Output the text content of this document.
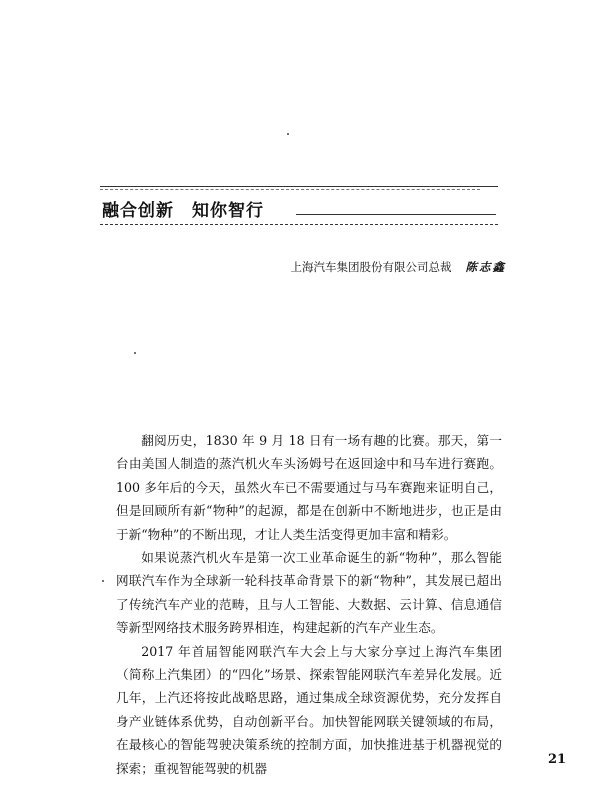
融合创新　知你智行
上海汽车集团股份有限公司总裁 陈志鑫

翻阅历史，1830 年 9 月 18 日有一场有趣的比赛。那天，第一台由美国人制造的蒸汽机火车头汤姆号在返回途中和马车进行赛跑。100 多年后的今天，虽然火车已不需要通过与马车赛跑来证明自己，但是回顾所有新“物种”的起源，都是在创新中不断地进步，也正是由于新“物种”的不断出现，才让人类生活变得更加丰富和精彩。

如果说蒸汽机火车是第一次工业革命诞生的新“物种”，那么智能网联汽车作为全球新一轮科技革命背景下的新“物种”，其发展已超出了传统汽车产业的范畴，且与人工智能、大数据、云计算、信息通信等新型网络技术服务跨界相连，构建起新的汽车产业生态。

2017 年首届智能网联汽车大会上与大家分享过上海汽车集团（简称上汽集团）的“四化”场景、探索智能网联汽车差异化发展。近几年，上汽还将按此战略思路，通过集成全球资源优势，充分发挥自身产业链体系优势，自动创新平台。加快智能网联关键领域的布局，在最核心的智能驾驶决策系统的控制方面，加快推进基于机器视觉的探索；重视智能驾驶的机器

21
